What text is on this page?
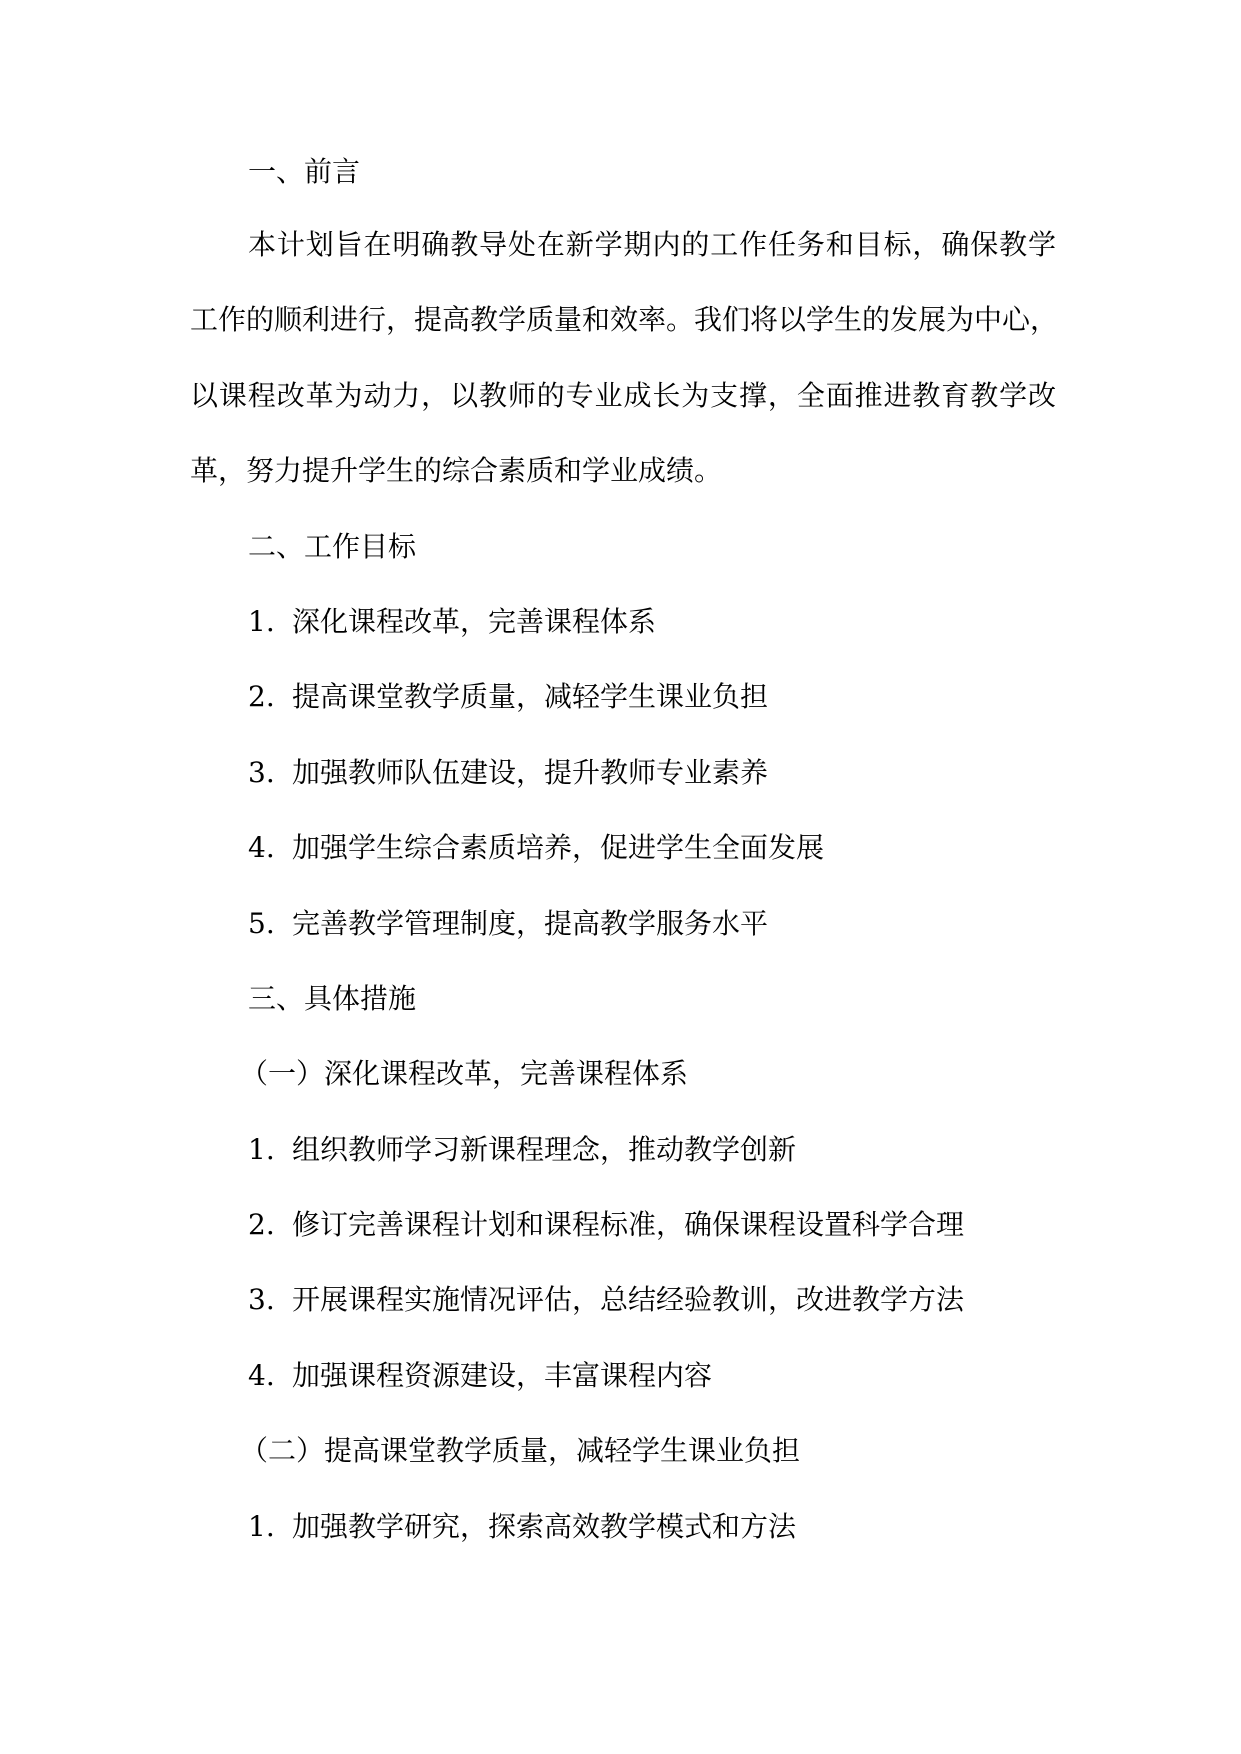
一、前言
本计划旨在明确教导处在新学期内的工作任务和目标，确保教学
工作的顺利进行，提高教学质量和效率。我们将以学生的发展为中心，
以课程改革为动力，以教师的专业成长为支撑，全面推进教育教学改
革，努力提升学生的综合素质和学业成绩。
二、工作目标
1. 深化课程改革，完善课程体系
2. 提高课堂教学质量，减轻学生课业负担
3. 加强教师队伍建设，提升教师专业素养
4. 加强学生综合素质培养，促进学生全面发展
5. 完善教学管理制度，提高教学服务水平
三、具体措施
（一）深化课程改革，完善课程体系
1. 组织教师学习新课程理念，推动教学创新
2. 修订完善课程计划和课程标准，确保课程设置科学合理
3. 开展课程实施情况评估，总结经验教训，改进教学方法
4. 加强课程资源建设，丰富课程内容
（二）提高课堂教学质量，减轻学生课业负担
1. 加强教学研究，探索高效教学模式和方法
